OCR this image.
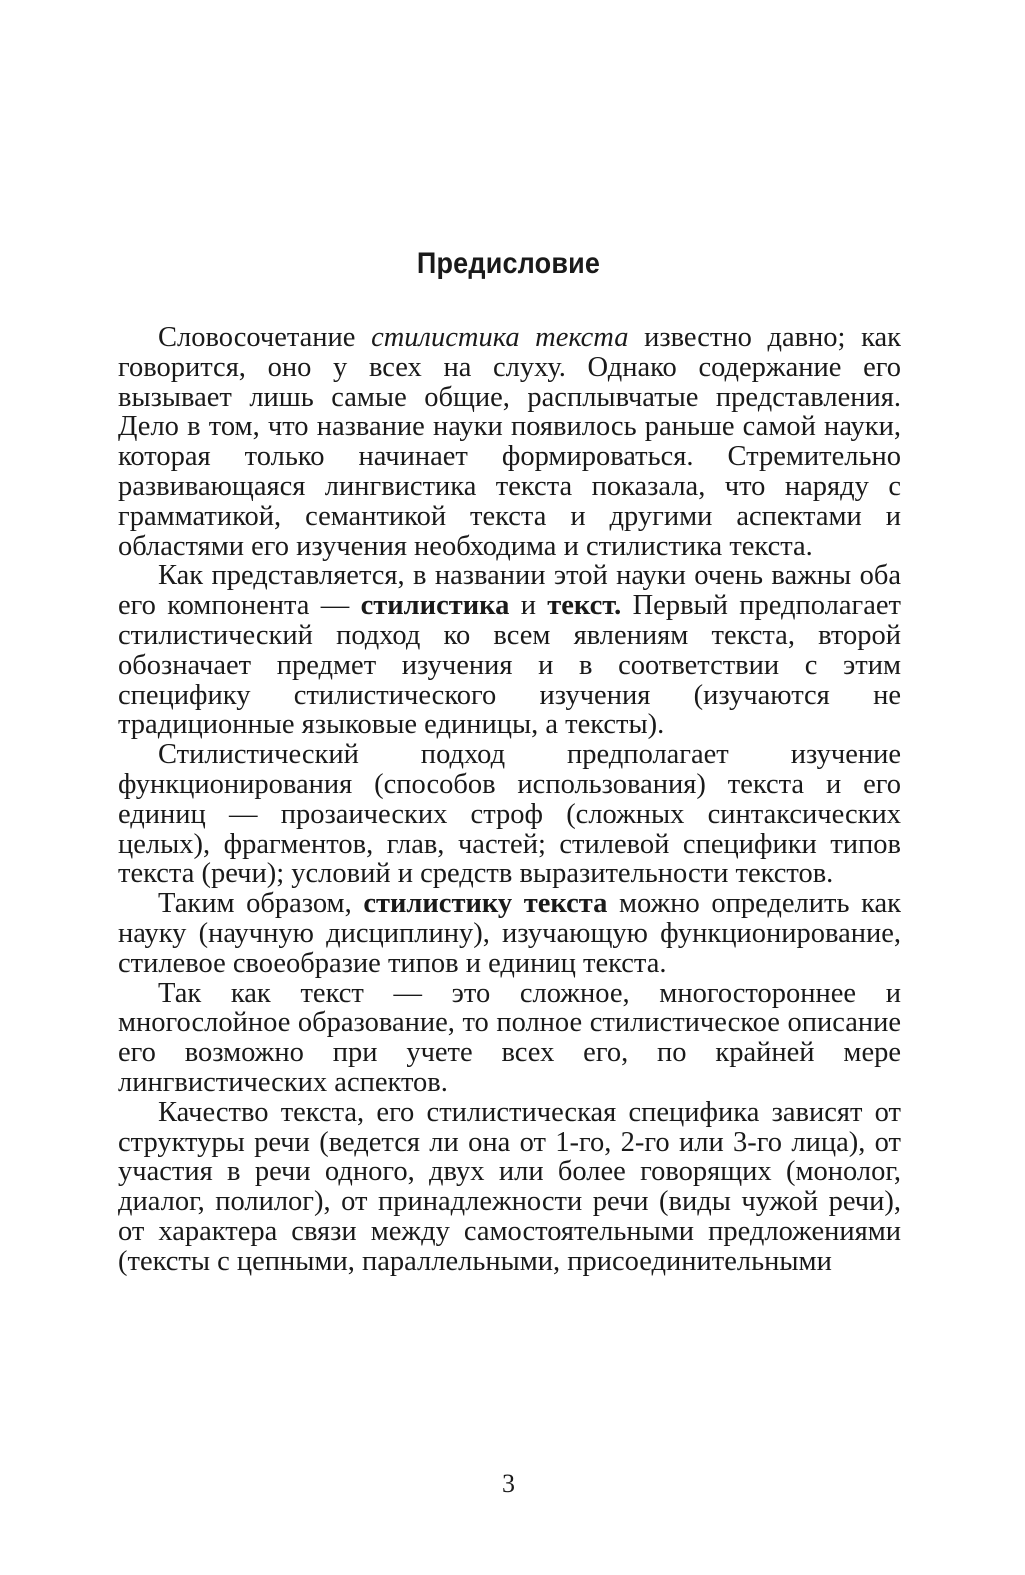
Предисловие

Словосочетание стилистика текста известно давно; как говорится, оно у всех на слуху. Однако содержание его вызывает лишь самые общие, расплывчатые представления. Дело в том, что название науки появилось раньше самой науки, которая только начинает формироваться. Стремительно развивающаяся лингвистика текста показала, что наряду с грамматикой, семантикой текста и другими аспектами и областями его изучения необходима и стилистика текста.

Как представляется, в названии этой науки очень важны оба его компонента — стилистика и текст. Первый предполагает стилистический подход ко всем явлениям текста, второй обозначает предмет изучения и в соответствии с этим специфику стилистического изучения (изучаются не традиционные языковые единицы, а тексты).

Стилистический подход предполагает изучение функционирования (способов использования) текста и его единиц — прозаических строф (сложных синтаксических целых), фрагментов, глав, частей; стилевой специфики типов текста (речи); условий и средств выразительности текстов.

Таким образом, стилистику текста можно определить как науку (научную дисциплину), изучающую функционирование, стилевое своеобразие типов и единиц текста.

Так как текст — это сложное, многостороннее и многослойное образование, то полное стилистическое описание его возможно при учете всех его, по крайней мере лингвистических аспектов.

Качество текста, его стилистическая специфика зависят от структуры речи (ведется ли она от 1-го, 2-го или 3-го лица), от участия в речи одного, двух или более говорящих (монолог, диалог, полилог), от принадлежности речи (виды чужой речи), от характера связи между самостоятельными предложениями (тексты с цепными, параллельными, присоединительными

3
